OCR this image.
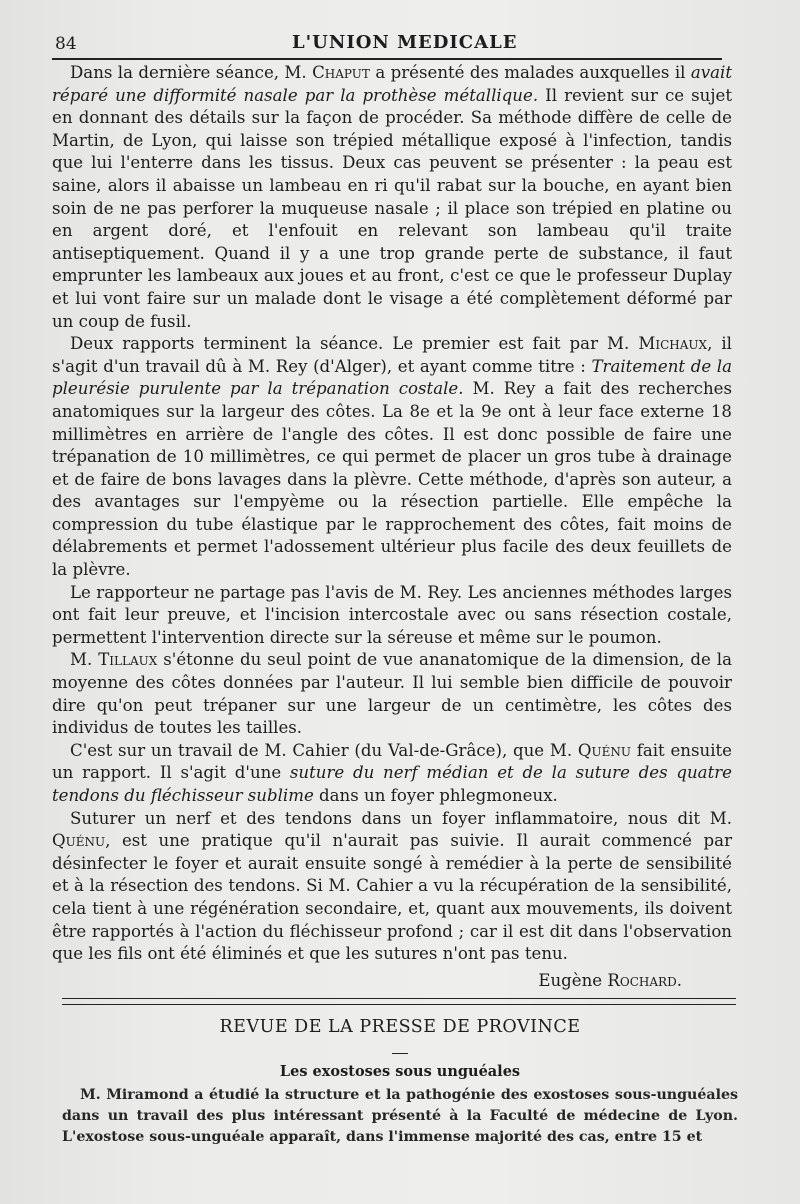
84	L'UNION MEDICALE

Dans la dernière séance, M. Chaput a présenté des malades auxquelles il avait réparé une difformité nasale par la prothèse métallique. Il revient sur ce sujet en donnant des détails sur la façon de procéder. Sa méthode diffère de celle de Martin, de Lyon, qui laisse son trépied métallique exposé à l'infection, tandis que lui l'enterre dans les tissus. Deux cas peuvent se présenter : la peau est saine, alors il abaisse un lambeau en ri qu'il rabat sur la bouche, en ayant bien soin de ne pas perforer la muqueuse nasale ; il place son trépied en platine ou en argent doré, et l'enfouit en relevant son lambeau qu'il traite antiseptiquement. Quand il y a une trop grande perte de substance, il faut emprunter les lambeaux aux joues et au front, c'est ce que le professeur Duplay et lui vont faire sur un malade dont le visage a été complètement déformé par un coup de fusil.

Deux rapports terminent la séance. Le premier est fait par M. Michaux, il s'agit d'un travail dû à M. Rey (d'Alger), et ayant comme titre : Traitement de la pleurésie purulente par la trépanation costale. M. Rey a fait des recherches anatomiques sur la largeur des côtes. La 8e et la 9e ont à leur face externe 18 millimètres en arrière de l'angle des côtes. Il est donc possible de faire une trépanation de 10 millimètres, ce qui permet de placer un gros tube à drainage et de faire de bons lavages dans la plèvre. Cette méthode, d'après son auteur, a des avantages sur l'empyème ou la résection partielle. Elle empêche la compression du tube élastique par le rapprochement des côtes, fait moins de délabrements et permet l'adossement ultérieur plus facile des deux feuillets de la plèvre.

Le rapporteur ne partage pas l'avis de M. Rey. Les anciennes méthodes larges ont fait leur preuve, et l'incision intercostale avec ou sans résection costale, permettent l'intervention directe sur la séreuse et même sur le poumon.

M. Tillaux s'étonne du seul point de vue ananatomique de la dimension, de la moyenne des côtes données par l'auteur. Il lui semble bien difficile de pouvoir dire qu'on peut trépaner sur une largeur de un centimètre, les côtes des individus de toutes les tailles.

C'est sur un travail de M. Cahier (du Val-de-Grâce), que M. Quénu fait ensuite un rapport. Il s'agit d'une suture du nerf médian et de la suture des quatre tendons du fléchisseur sublime dans un foyer phlegmoneux.

Suturer un nerf et des tendons dans un foyer inflammatoire, nous dit M. Quénu, est une pratique qu'il n'aurait pas suivie. Il aurait commencé par désinfecter le foyer et aurait ensuite songé à remédier à la perte de sensibilité et à la résection des tendons. Si M. Cahier a vu la récupération de la sensibilité, cela tient à une régénération secondaire, et, quant aux mouvements, ils doivent être rapportés à l'action du fléchisseur profond ; car il est dit dans l'observation que les fils ont été éliminés et que les sutures n'ont pas tenu.

Eugène Rochard.

REVUE DE LA PRESSE DE PROVINCE
Les exostoses sous unguéales

M. Miramond a étudié la structure et la pathogénie des exostoses sous-unguéales dans un travail des plus intéressant présenté à la Faculté de médecine de Lyon. L'exostose sous-unguéale apparaît, dans l'immense majorité des cas, entre 15 et
